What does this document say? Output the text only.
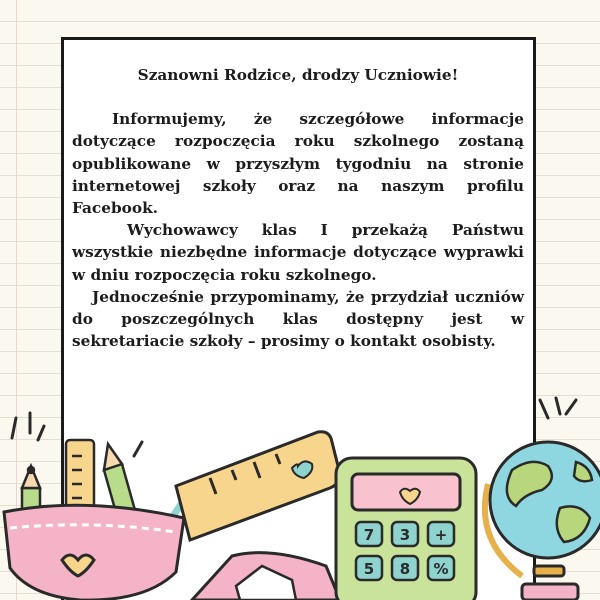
Szanowni Rodzice, drodzy Uczniowie!

Informujemy, że szczegółowe informacje dotyczące rozpoczęcia roku szkolnego zostaną opublikowane w przyszłym tygodniu na stronie internetowej szkoły oraz na naszym profilu Facebook.

Wychowawcy klas I przekażą Państwu wszystkie niezbędne informacje dotyczące wyprawki w dniu rozpoczęcia roku szkolnego.

Jednocześnie przypominamy, że przydział uczniów do poszczególnych klas dostępny jest w sekretariacie szkoły – prosimy o kontakt osobisty.

7 3 +
5 8 %
